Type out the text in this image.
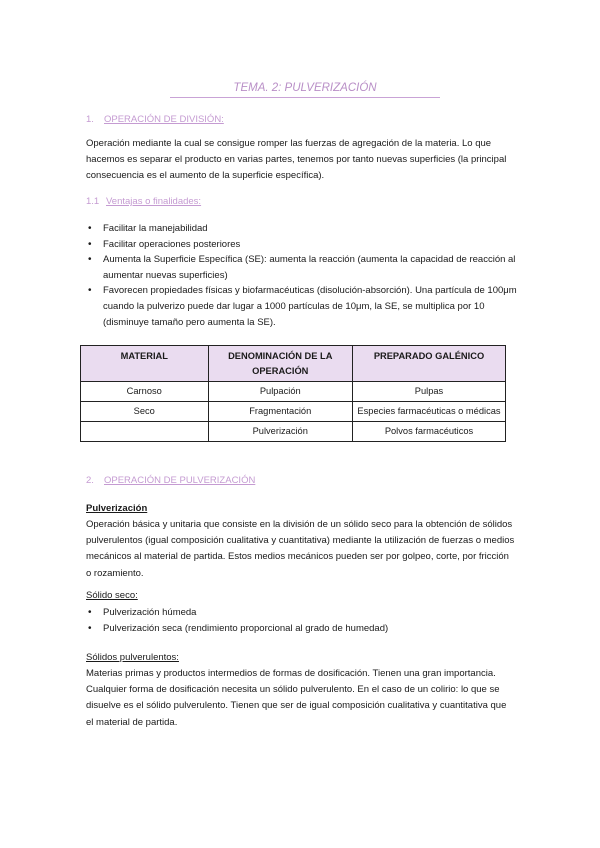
TEMA. 2: PULVERIZACIÓN
1. OPERACIÓN DE DIVISIÓN:

Operación mediante la cual se consigue romper las fuerzas de agregación de la materia. Lo que hacemos es separar el producto en varias partes, tenemos por tanto nuevas superficies (la principal consecuencia es el aumento de la superficie específica).

1.1 Ventajas o finalidades:
• Facilitar la manejabilidad
• Facilitar operaciones posteriores
• Aumenta la Superficie Específica (SE): aumenta la reacción (aumenta la capacidad de reacción al aumentar nuevas superficies)
• Favorecen propiedades físicas y biofarmacéuticas (disolución-absorción). Una partícula de 100μm cuando la pulverizo puede dar lugar a 1000 partículas de 10μm, la SE, se multiplica por 10 (disminuye tamaño pero aumenta la SE).
MATERIAL	DENOMINACIÓN DE LA OPERACIÓN	PREPARADO GALÉNICO
Carnoso	Pulpación	Pulpas
Seco	Fragmentación	Especies farmacéuticas o médicas
	Pulverización	Polvos farmacéuticos
2. OPERACIÓN DE PULVERIZACIÓN
Pulverización

Operación básica y unitaria que consiste en la división de un sólido seco para la obtención de sólidos pulverulentos (igual composición cualitativa y cuantitativa) mediante la utilización de fuerzas o medios mecánicos al material de partida. Estos medios mecánicos pueden ser por golpeo, corte, por fricción o rozamiento.

Sólido seco:
• Pulverización húmeda
• Pulverización seca (rendimiento proporcional al grado de humedad)
Sólidos pulverulentos:

Materias primas y productos intermedios de formas de dosificación. Tienen una gran importancia. Cualquier forma de dosificación necesita un sólido pulverulento. En el caso de un colirio: lo que se disuelve es el sólido pulverulento. Tienen que ser de igual composición cualitativa y cuantitativa que el material de partida.
